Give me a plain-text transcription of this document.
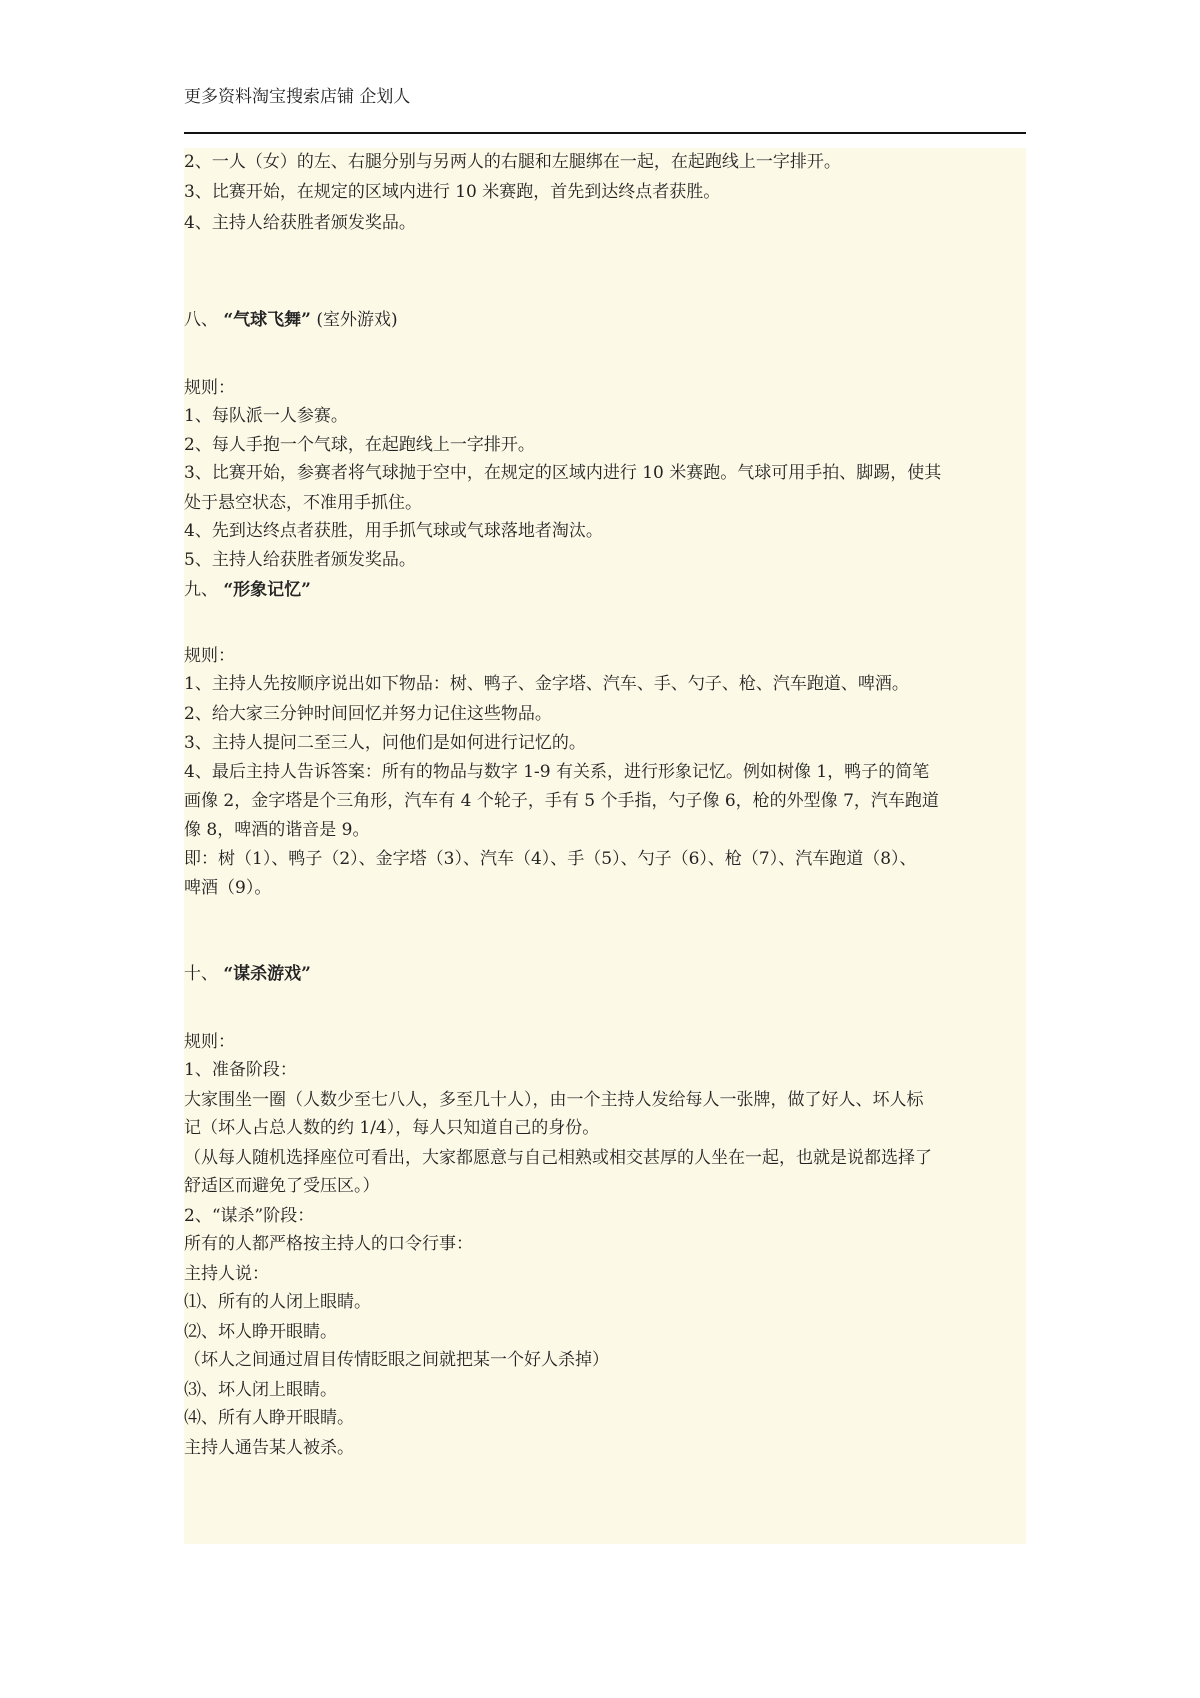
更多资料淘宝搜索店铺 企划人
2、一人（女）的左、右腿分别与另两人的右腿和左腿绑在一起，在起跑线上一字排开。
3、比赛开始，在规定的区域内进行 10 米赛跑，首先到达终点者获胜。
4、主持人给获胜者颁发奖品。
八、 “气球飞舞” (室外游戏)
规则：
1、每队派一人参赛。
2、每人手抱一个气球，在起跑线上一字排开。
3、比赛开始，参赛者将气球抛于空中，在规定的区域内进行 10 米赛跑。气球可用手拍、脚踢，使其
处于悬空状态，不准用手抓住。
4、先到达终点者获胜，用手抓气球或气球落地者淘汰。
5、主持人给获胜者颁发奖品。
九、 “形象记忆”
规则：
1、主持人先按顺序说出如下物品：树、鸭子、金字塔、汽车、手、勺子、枪、汽车跑道、啤酒。
2、给大家三分钟时间回忆并努力记住这些物品。
3、主持人提问二至三人，问他们是如何进行记忆的。
4、最后主持人告诉答案：所有的物品与数字 1-9 有关系，进行形象记忆。例如树像 1，鸭子的简笔
画像 2，金字塔是个三角形，汽车有 4 个轮子，手有 5 个手指，勺子像 6，枪的外型像 7，汽车跑道
像 8，啤酒的谐音是 9。
即：树（1）、鸭子（2）、金字塔（3）、汽车（4）、手（5）、勺子（6）、枪（7）、汽车跑道（8）、
啤酒（9）。
十、 “谋杀游戏”
规则：
1、准备阶段：
大家围坐一圈（人数少至七八人，多至几十人），由一个主持人发给每人一张牌，做了好人、坏人标
记（坏人占总人数的约 1/4），每人只知道自己的身份。
（从每人随机选择座位可看出，大家都愿意与自己相熟或相交甚厚的人坐在一起，也就是说都选择了
舒适区而避免了受压区。）
2、“谋杀”阶段：
所有的人都严格按主持人的口令行事：
主持人说：
⑴、所有的人闭上眼睛。
⑵、坏人睁开眼睛。
（坏人之间通过眉目传情眨眼之间就把某一个好人杀掉）
⑶、坏人闭上眼睛。
⑷、所有人睁开眼睛。
主持人通告某人被杀。
